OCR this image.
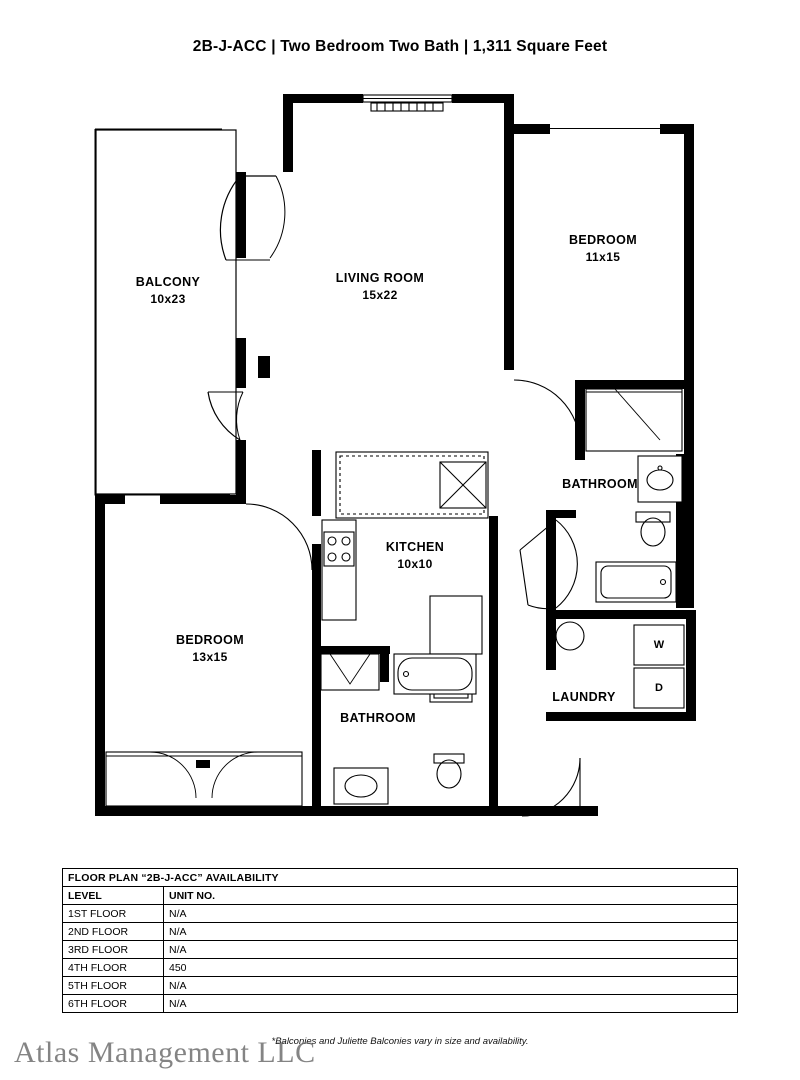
2B-J-ACC | Two Bedroom Two Bath | 1,311 Square Feet
BALCONY
10x23
LIVING ROOM
15x22
BEDROOM
11x15
KITCHEN
10x10
BEDROOM
13x15
BATHROOM
BATHROOM
LAUNDRY
W
D
FLOOR PLAN “2B-J-ACC” AVAILABILITY	
LEVEL	UNIT NO.
1ST FLOOR	N/A
2ND FLOOR	N/A
3RD FLOOR	N/A
4TH FLOOR	450
5TH FLOOR	N/A
6TH FLOOR	N/A
*Balconies and Juliette Balconies vary in size and availability.
Atlas Management LLC
